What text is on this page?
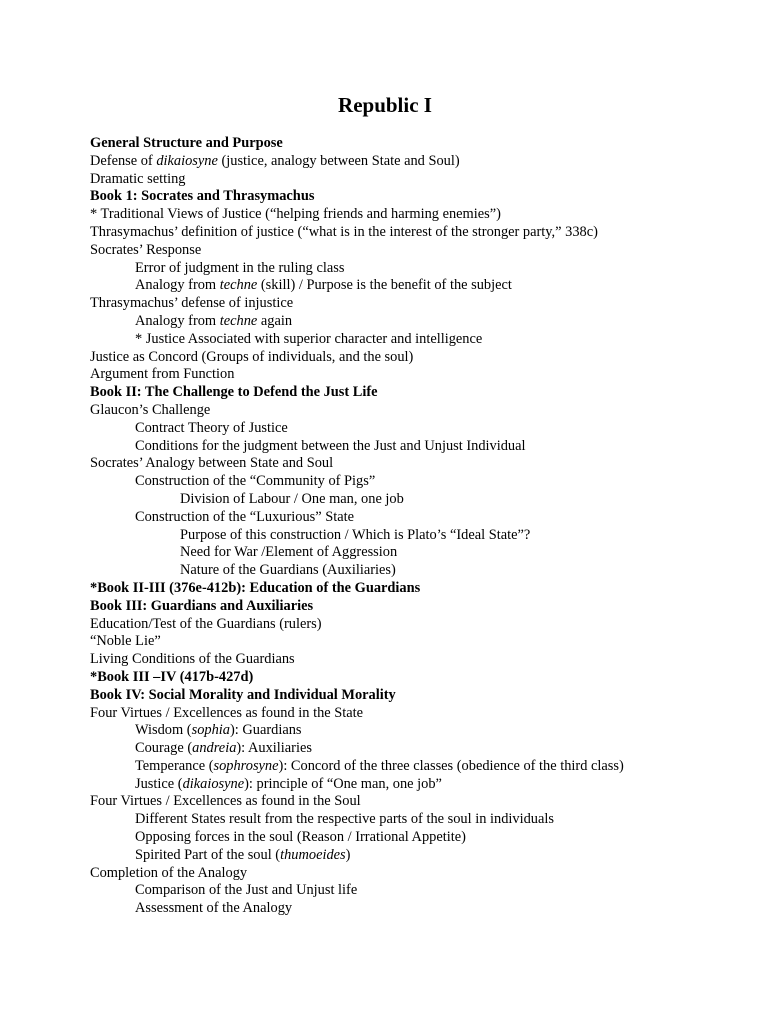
Republic I
General Structure and Purpose
Defense of dikaiosyne (justice, analogy between State and Soul)
Dramatic setting
Book 1: Socrates and Thrasymachus
* Traditional Views of Justice (“helping friends and harming enemies”)
Thrasymachus’ definition of justice (“what is in the interest of the stronger party,” 338c)
Socrates’ Response
Error of judgment in the ruling class
Analogy from techne (skill) / Purpose is the benefit of the subject
Thrasymachus’ defense of injustice
Analogy from techne again
* Justice Associated with superior character and intelligence
Justice as Concord (Groups of individuals, and the soul)
Argument from Function
Book II: The Challenge to Defend the Just Life
Glaucon’s Challenge
Contract Theory of Justice
Conditions for the judgment between the Just and Unjust Individual
Socrates’ Analogy between State and Soul
Construction of the “Community of Pigs”
Division of Labour / One man, one job
Construction of the “Luxurious” State
Purpose of this construction / Which is Plato’s “Ideal State”?
Need for War /Element of Aggression
Nature of the Guardians (Auxiliaries)
*Book II-III (376e-412b): Education of the Guardians
Book III: Guardians and Auxiliaries
Education/Test of the Guardians (rulers)
“Noble Lie”
Living Conditions of the Guardians
*Book III –IV (417b-427d)
Book IV: Social Morality and Individual Morality
Four Virtues / Excellences as found in the State
Wisdom (sophia): Guardians
Courage (andreia): Auxiliaries
Temperance (sophrosyne): Concord of the three classes (obedience of the third class)
Justice (dikaiosyne): principle of “One man, one job”
Four Virtues / Excellences as found in the Soul
Different States result from the respective parts of the soul in individuals
Opposing forces in the soul (Reason / Irrational Appetite)
Spirited Part of the soul (thumoeides)
Completion of the Analogy
Comparison of the Just and Unjust life
Assessment of the Analogy
